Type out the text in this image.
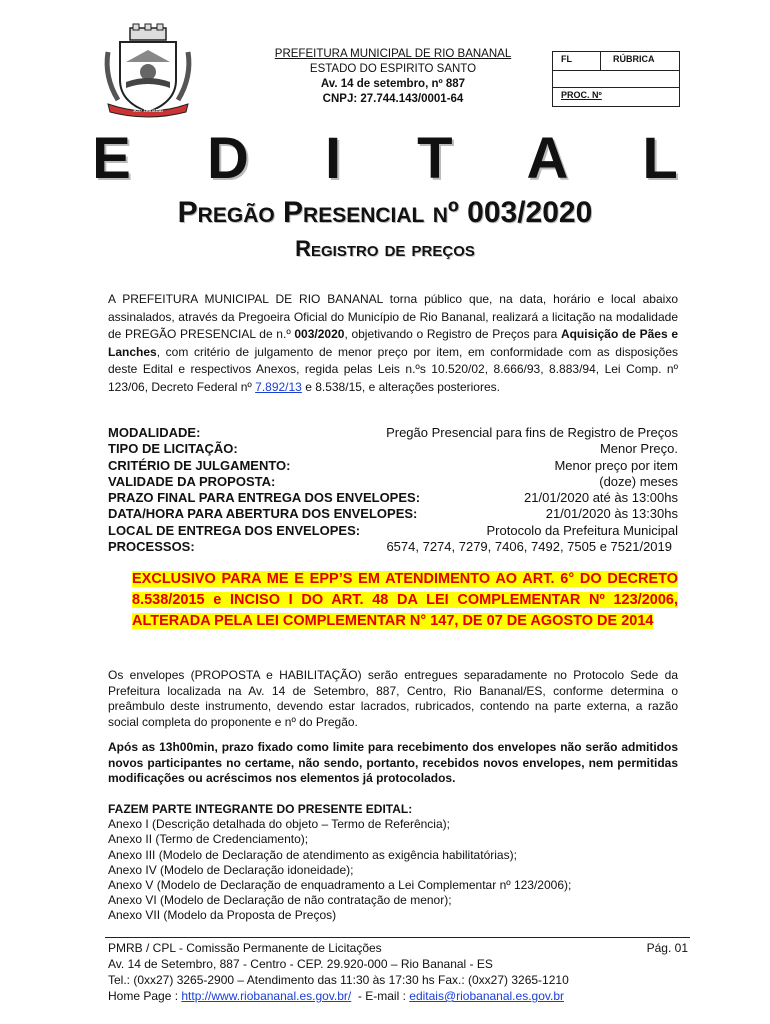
Rio Bananal
PREFEITURA MUNICIPAL DE RIO BANANAL
ESTADO DO ESPIRITO SANTO
Av. 14 de setembro, nº 887
CNPJ: 27.744.143/0001-64
FL	RÚBRICA
PROC. Nº
E D I T A L
Pregão Presencial nº 003/2020
Registro de preços
A PREFEITURA MUNICIPAL DE RIO BANANAL torna público que, na data, horário e local abaixo assinalados, através da Pregoeira Oficial do Município de Rio Bananal, realizará a licitação na modalidade de PREGÃO PRESENCIAL de n.º 003/2020, objetivando o Registro de Preços para Aquisição de Pães e Lanches, com critério de julgamento de menor preço por item, em conformidade com as disposições deste Edital e respectivos Anexos, regida pelas Leis n.ºs 10.520/02, 8.666/93, 8.883/94, Lei Comp. nº 123/06, Decreto Federal nº 7.892/13 e 8.538/15, e alterações posteriores.
MODALIDADE:	Pregão Presencial para fins de Registro de Preços
TIPO DE LICITAÇÃO:	Menor Preço.
CRITÉRIO DE JULGAMENTO:	Menor preço por item
VALIDADE DA PROPOSTA:	(doze) meses
PRAZO FINAL PARA ENTREGA DOS ENVELOPES:	21/01/2020 até às 13:00hs
DATA/HORA PARA ABERTURA DOS ENVELOPES:	21/01/2020 às 13:30hs
LOCAL DE ENTREGA DOS ENVELOPES:	Protocolo da Prefeitura Municipal
PROCESSOS:	6574, 7274, 7279, 7406, 7492, 7505 e 7521/2019
EXCLUSIVO PARA ME E EPP’S EM ATENDIMENTO AO ART. 6° DO DECRETO 8.538/2015 e INCISO I DO ART. 48 DA LEI COMPLEMENTAR Nº 123/2006, ALTERADA PELA LEI COMPLEMENTAR N° 147, DE 07 DE AGOSTO DE 2014
Os envelopes (PROPOSTA e HABILITAÇÃO) serão entregues separadamente no Protocolo Sede da Prefeitura localizada na Av. 14 de Setembro, 887, Centro, Rio Bananal/ES, conforme determina o preâmbulo deste instrumento, devendo estar lacrados, rubricados, contendo na parte externa, a razão social completa do proponente e nº do Pregão.
Após as 13h00min, prazo fixado como limite para recebimento dos envelopes não serão admitidos novos participantes no certame, não sendo, portanto, recebidos novos envelopes, nem permitidas modificações ou acréscimos nos elementos já protocolados.
FAZEM PARTE INTEGRANTE DO PRESENTE EDITAL:
Anexo I (Descrição detalhada do objeto – Termo de Referência);
Anexo II (Termo de Credenciamento);
Anexo III (Modelo de Declaração de atendimento as exigência habilitatórias);
Anexo IV (Modelo de Declaração idoneidade);
Anexo V (Modelo de Declaração de enquadramento a Lei Complementar nº 123/2006);
Anexo VI (Modelo de Declaração de não contratação de menor);
Anexo VII (Modelo da Proposta de Preços)
PMRB / CPL - Comissão Permanente de Licitações	Pág. 01
Av. 14 de Setembro, 887 - Centro - CEP. 29.920-000 – Rio Bananal - ES
Tel.: (0xx27) 3265-2900 – Atendimento das 11:30 às 17:30 hs Fax.: (0xx27) 3265-1210
Home Page : http://www.riobananal.es.gov.br/  - E-mail : editais@riobananal.es.gov.br
